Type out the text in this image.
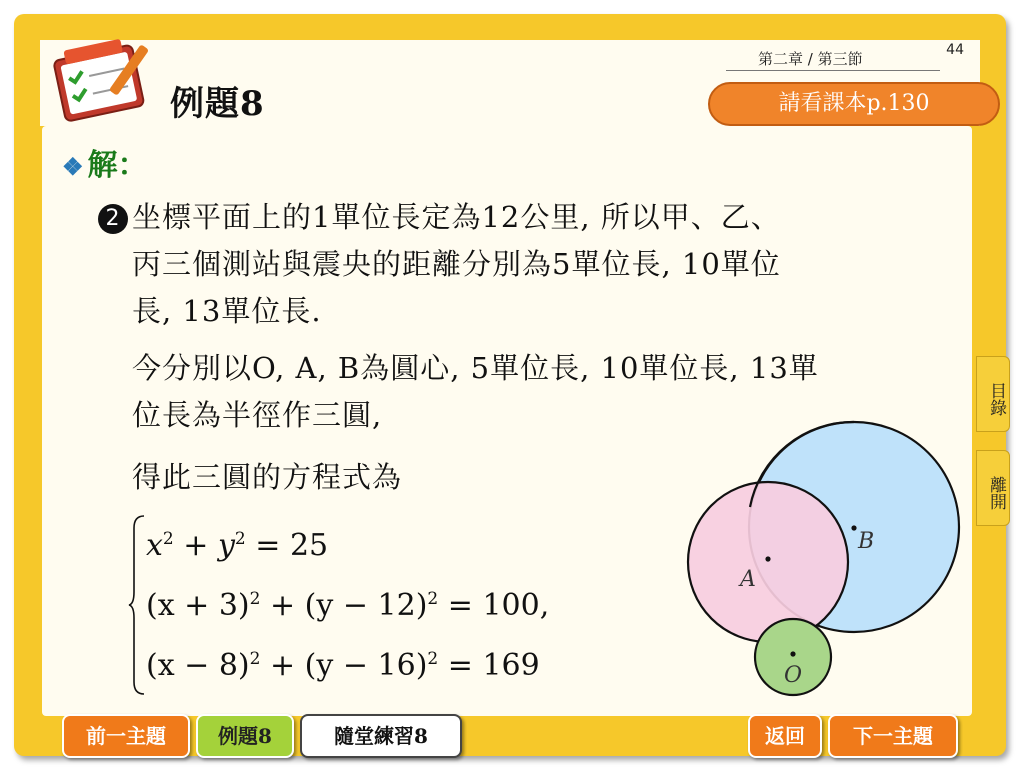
例題8
第二章 / 第三節	44
請看課本p.130
❖ 解：
2 坐標平面上的1單位長定為12公里, 所以甲、乙、
丙三個測站與震央的距離分別為5單位長, 10單位
長, 13單位長.
今分別以O, A, B為圓心, 5單位長, 10單位長, 13單
位長為半徑作三圓,
得此三圓的方程式為
$x^2 + y^2 = 25$
$(x + 3)^2 + (y - 12)^2 = 100$,
$(x - 8)^2 + (y - 16)^2 = 169$
A
B
O
目錄
離開
前一主題	例題8	隨堂練習8	返回	下一主題
